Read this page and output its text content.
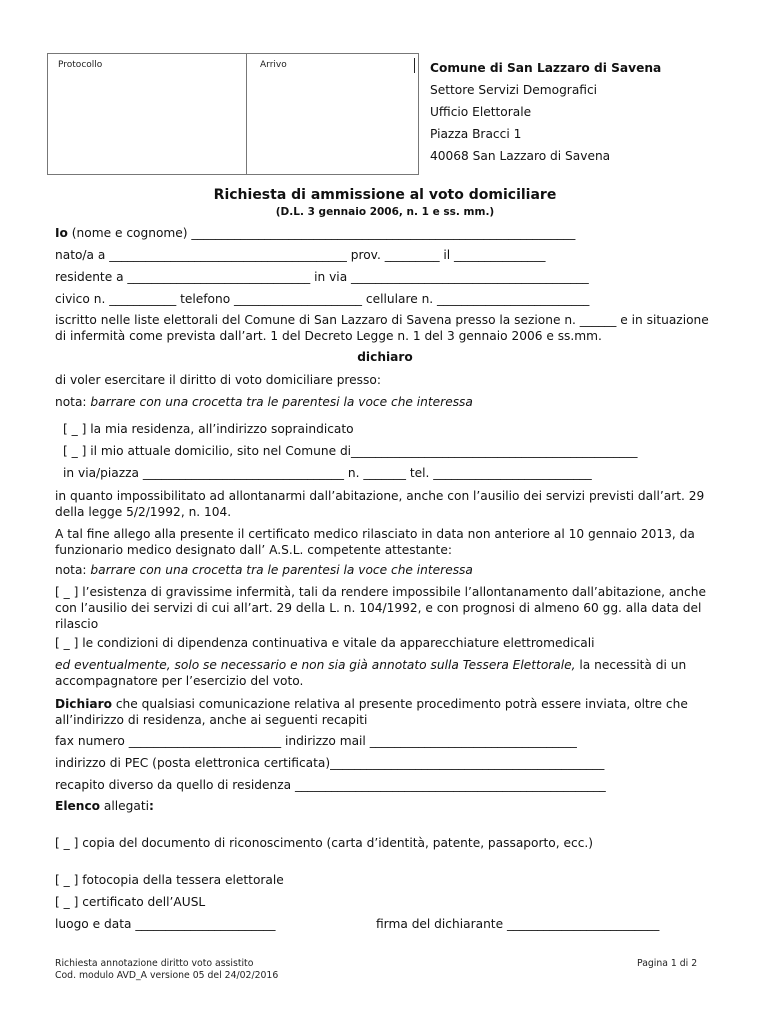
Protocollo	Arrivo	Comune di San Lazzaro di Savena
Settore Servizi Demografici
Ufficio Elettorale
Piazza Bracci 1
40068 San Lazzaro di Savena
Richiesta di ammissione al voto domiciliare
(D.L. 3 gennaio 2006, n. 1 e ss. mm.)
Io (nome e cognome) _______________________________________________________________
nato/a a _______________________________________ prov. _________ il _______________
residente a ______________________________ in via _______________________________________
civico n. ___________ telefono _____________________ cellulare n. _________________________
iscritto nelle liste elettorali del Comune di San Lazzaro di Savena presso la sezione n. ______ e in situazione di infermità come prevista dall’art. 1 del Decreto Legge n. 1 del 3 gennaio 2006 e ss.mm.
dichiaro
di voler esercitare il diritto di voto domiciliare presso:
nota: barrare con una crocetta tra le parentesi la voce che interessa
[ _ ] la mia residenza, all’indirizzo sopraindicato
[ _ ] il mio attuale domicilio, sito nel Comune di_______________________________________________
in via/piazza _________________________________ n. _______ tel. __________________________
in quanto impossibilitato ad allontanarmi dall’abitazione, anche con l’ausilio dei servizi previsti dall’art. 29 della legge 5/2/1992, n. 104.
A tal fine allego alla presente il certificato medico rilasciato in data non anteriore al 10 gennaio 2013, da funzionario medico designato dall’ A.S.L. competente attestante:
nota: barrare con una crocetta tra le parentesi la voce che interessa
[ _ ] l’esistenza di gravissime infermità, tali da rendere impossibile l’allontanamento dall’abitazione, anche con l’ausilio dei servizi di cui all’art. 29 della L. n. 104/1992, e con prognosi di almeno 60 gg. alla data del rilascio
[ _ ] le condizioni di dipendenza continuativa e vitale da apparecchiature elettromedicali
ed eventualmente, solo se necessario e non sia già annotato sulla Tessera Elettorale, la necessità di un accompagnatore per l’esercizio del voto.
Dichiaro che qualsiasi comunicazione relativa al presente procedimento potrà essere inviata, oltre che all’indirizzo di residenza, anche ai seguenti recapiti
fax numero _________________________ indirizzo mail __________________________________
indirizzo di PEC (posta elettronica certificata)_____________________________________________
recapito diverso da quello di residenza ___________________________________________________
Elenco allegati:
[ _ ] copia del documento di riconoscimento (carta d’identità, patente, passaporto, ecc.)
[ _ ] fotocopia della tessera elettorale
[ _ ] certificato dell’AUSL
luogo e data _______________________	firma del dichiarante _________________________
Richiesta annotazione diritto voto assistito
Cod. modulo AVD_A versione 05 del 24/02/2016
Pagina 1 di 2
